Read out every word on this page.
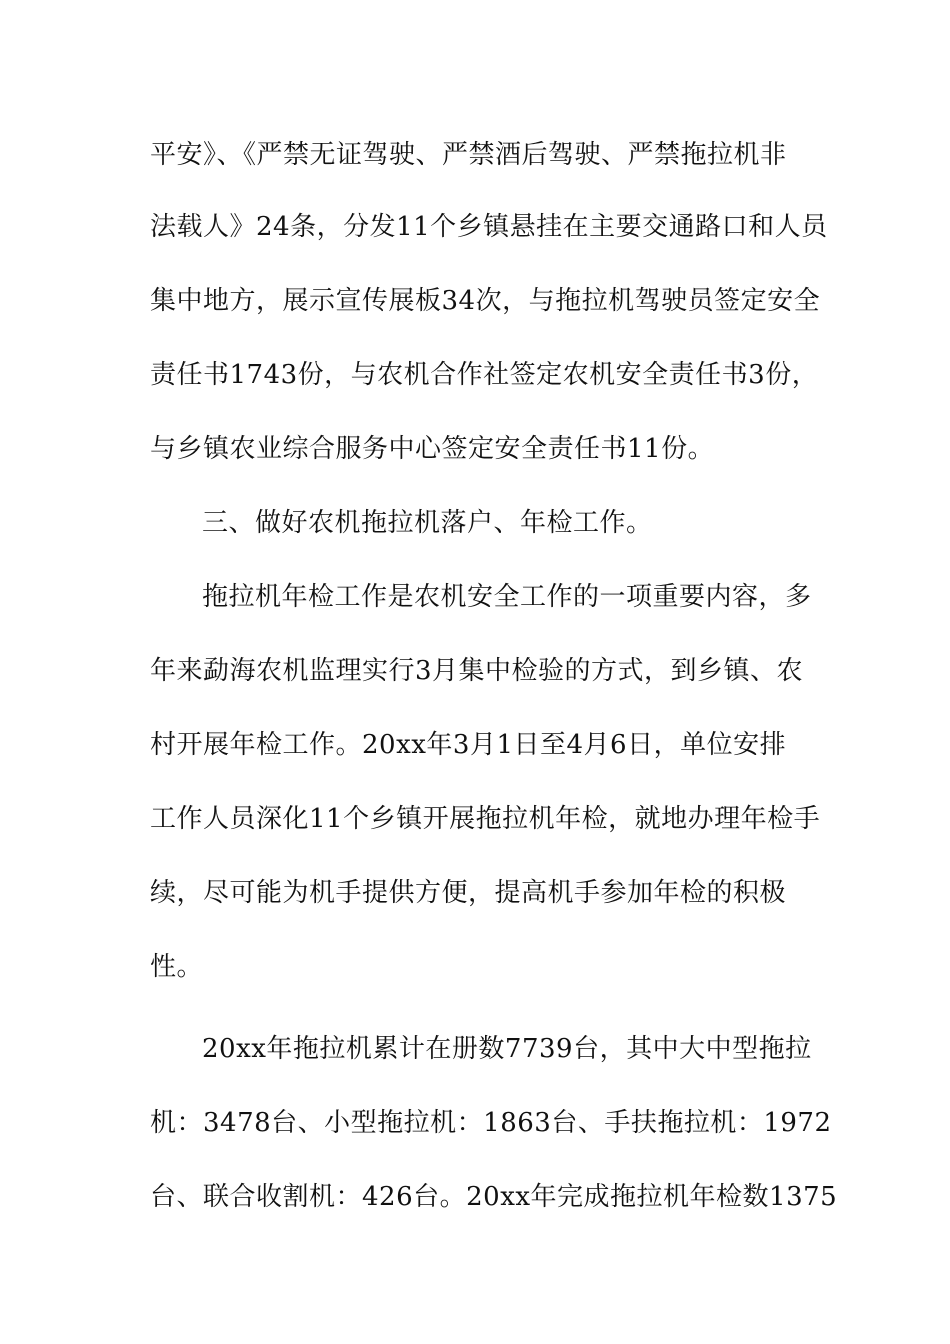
平安》、《严禁无证驾驶、严禁酒后驾驶、严禁拖拉机非
法载人》24条，分发11个乡镇悬挂在主要交通路口和人员
集中地方，展示宣传展板34次，与拖拉机驾驶员签定安全
责任书1743份，与农机合作社签定农机安全责任书3份，
与乡镇农业综合服务中心签定安全责任书11份。
三、做好农机拖拉机落户、年检工作。
拖拉机年检工作是农机安全工作的一项重要内容，多
年来勐海农机监理实行3月集中检验的方式，到乡镇、农
村开展年检工作。20xx年3月1日至4月6日，单位安排
工作人员深化11个乡镇开展拖拉机年检，就地办理年检手
续，尽可能为机手提供方便，提高机手参加年检的积极
性。
20xx年拖拉机累计在册数7739台，其中大中型拖拉
机：3478台、小型拖拉机：1863台、手扶拖拉机：1972
台、联合收割机：426台。20xx年完成拖拉机年检数1375
